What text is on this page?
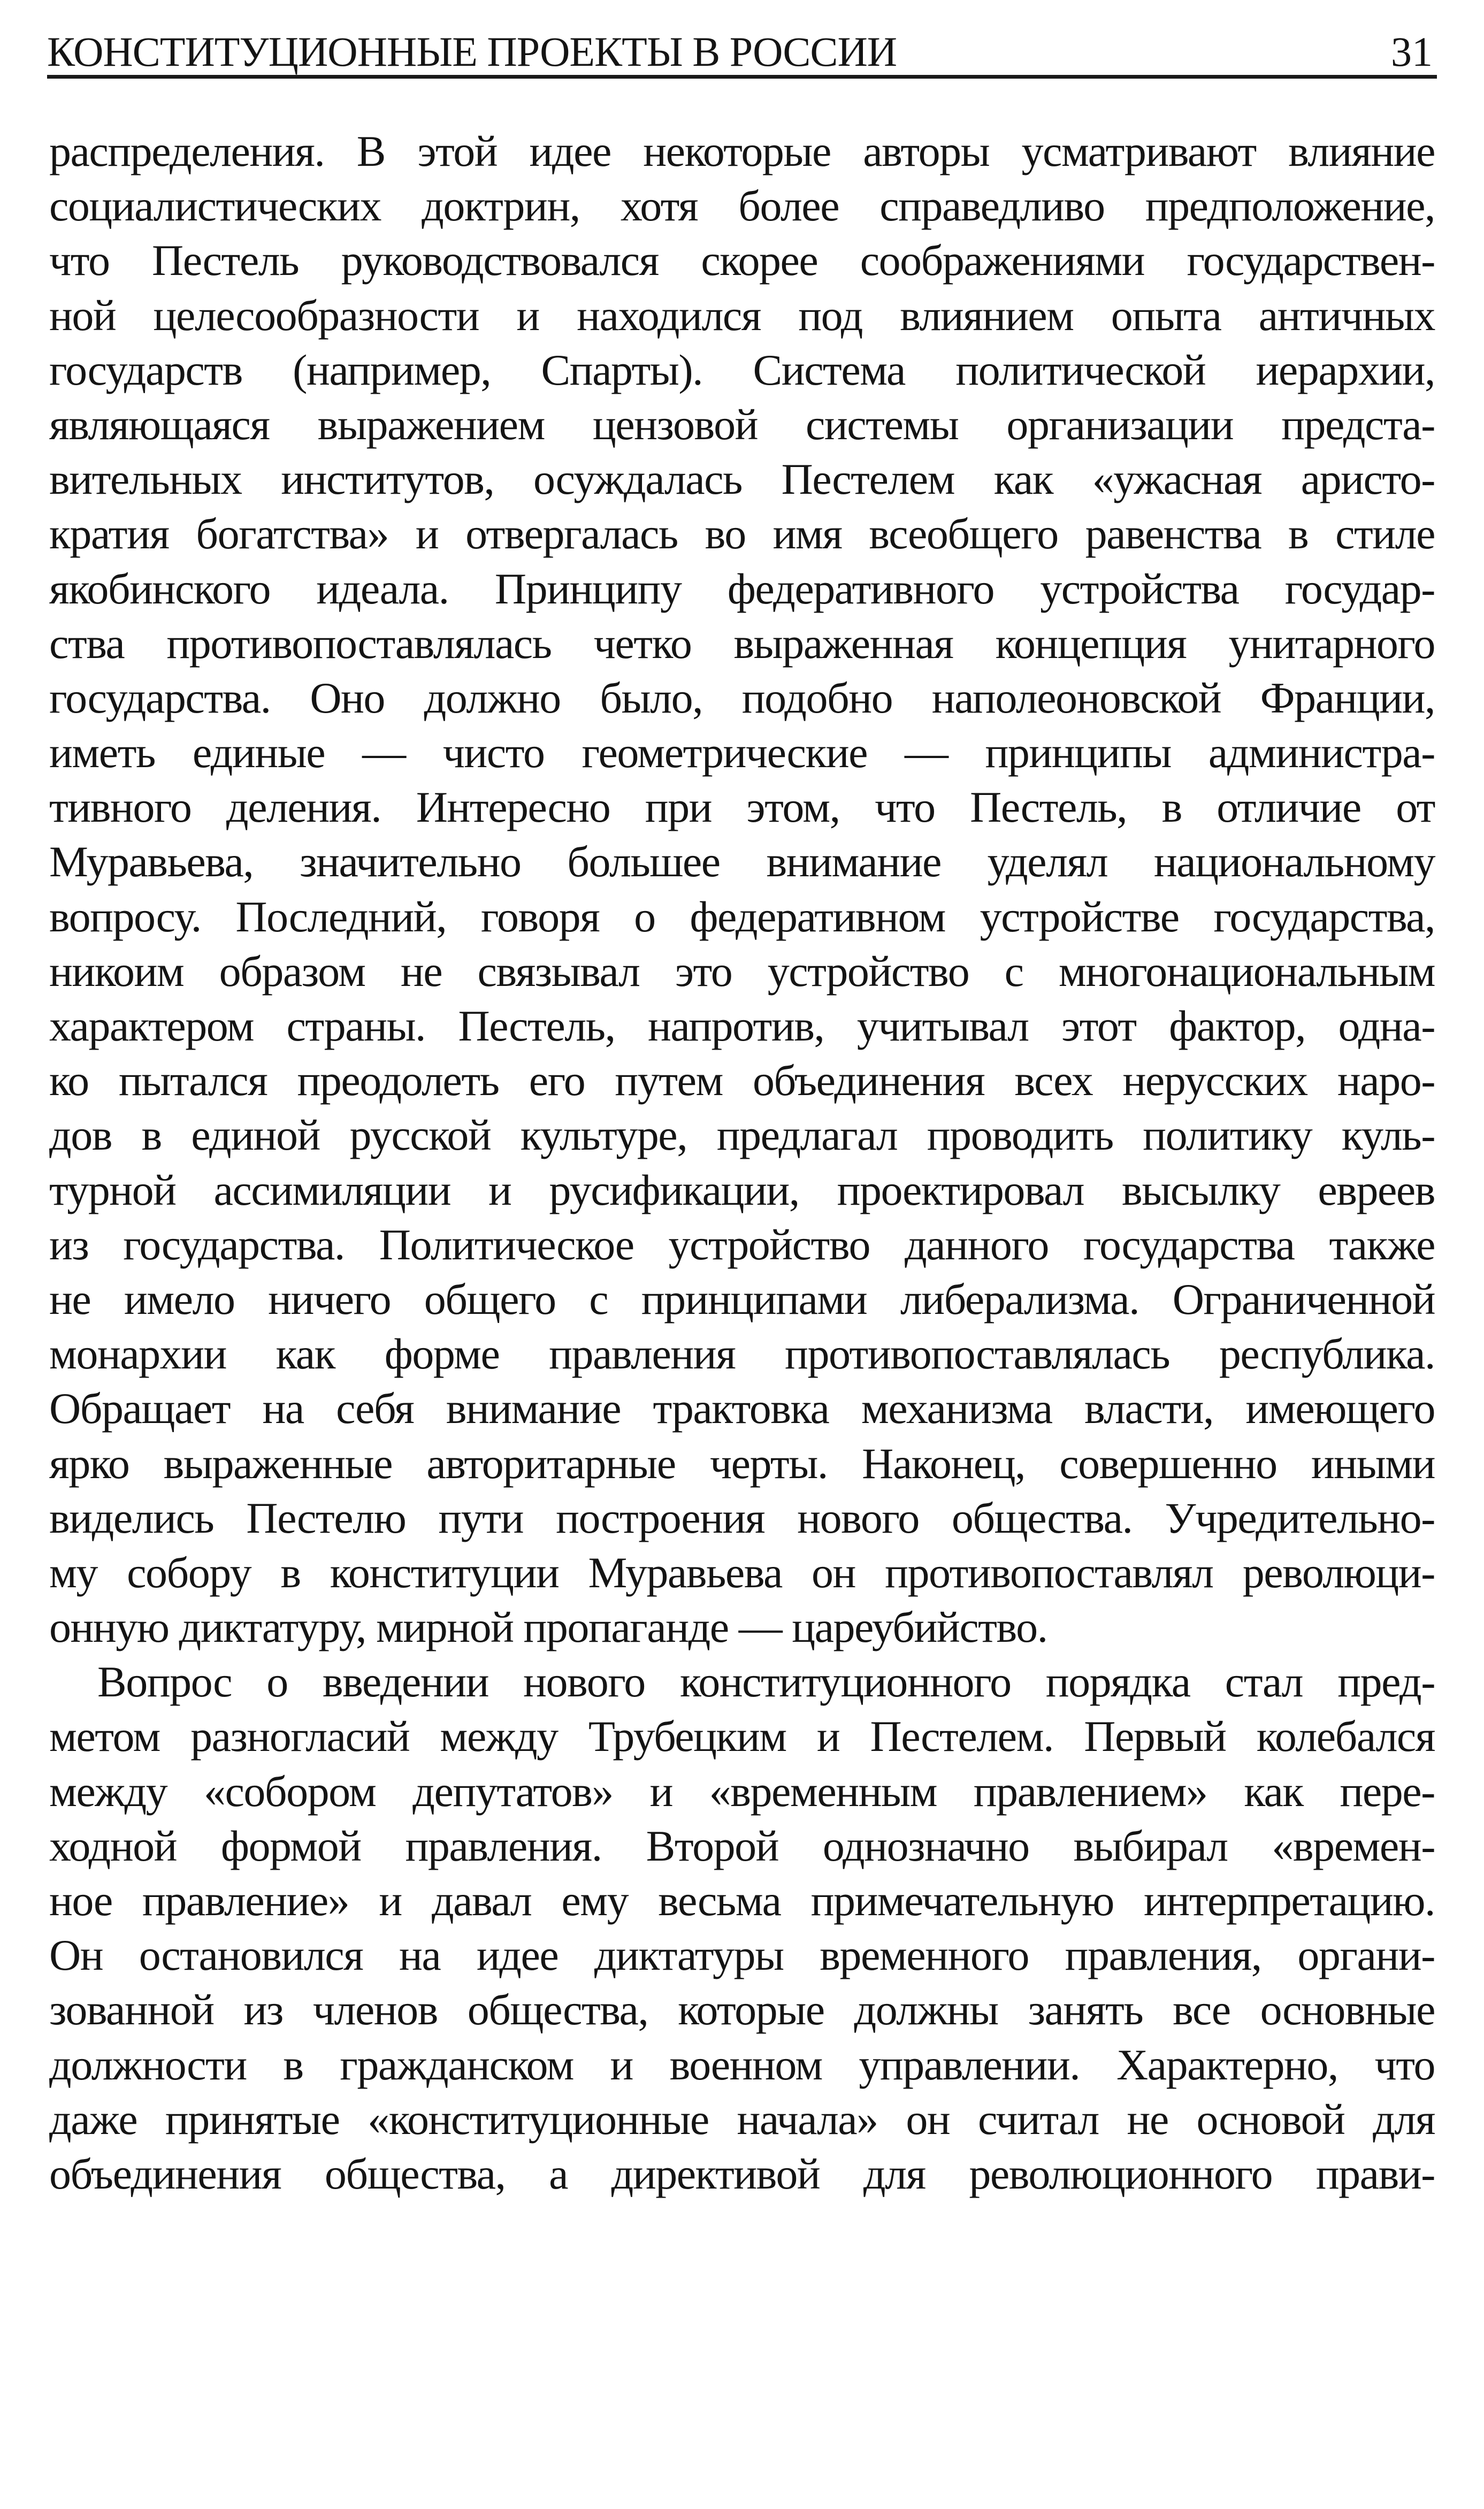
КОНСТИТУЦИОННЫЕ ПРОЕКТЫ В РОССИИ	31
распределения. В этой идее некоторые авторы усматривают влияние
социалистических доктрин, хотя более справедливо предположение,
что Пестель руководствовался скорее соображениями государствен-
ной целесообразности и находился под влиянием опыта античных
государств (например, Спарты). Система политической иерархии,
являющаяся выражением цензовой системы организации предста-
вительных институтов, осуждалась Пестелем как «ужасная аристо-
кратия богатства» и отвергалась во имя всеобщего равенства в стиле
якобинского идеала. Принципу федеративного устройства государ-
ства противопоставлялась четко выраженная концепция унитарного
государства. Оно должно было, подобно наполеоновской Франции,
иметь единые — чисто геометрические — принципы администра-
тивного деления. Интересно при этом, что Пестель, в отличие от
Муравьева, значительно большее внимание уделял национальному
вопросу. Последний, говоря о федеративном устройстве государства,
никоим образом не связывал это устройство с многонациональным
характером страны. Пестель, напротив, учитывал этот фактор, одна-
ко пытался преодолеть его путем объединения всех нерусских наро-
дов в единой русской культуре, предлагал проводить политику куль-
турной ассимиляции и русификации, проектировал высылку евреев
из государства. Политическое устройство данного государства также
не имело ничего общего с принципами либерализма. Ограниченной
монархии как форме правления противопоставлялась республика.
Обращает на себя внимание трактовка механизма власти, имеющего
ярко выраженные авторитарные черты. Наконец, совершенно иными
виделись Пестелю пути построения нового общества. Учредительно-
му собору в конституции Муравьева он противопоставлял революци-
онную диктатуру, мирной пропаганде — цареубийство.
Вопрос о введении нового конституционного порядка стал пред-
метом разногласий между Трубецким и Пестелем. Первый колебался
между «собором депутатов» и «временным правлением» как пере-
ходной формой правления. Второй однозначно выбирал «времен-
ное правление» и давал ему весьма примечательную интерпретацию.
Он остановился на идее диктатуры временного правления, органи-
зованной из членов общества, которые должны занять все основные
должности в гражданском и военном управлении. Характерно, что
даже принятые «конституционные начала» он считал не основой для
объединения общества, а директивой для революционного прави-
